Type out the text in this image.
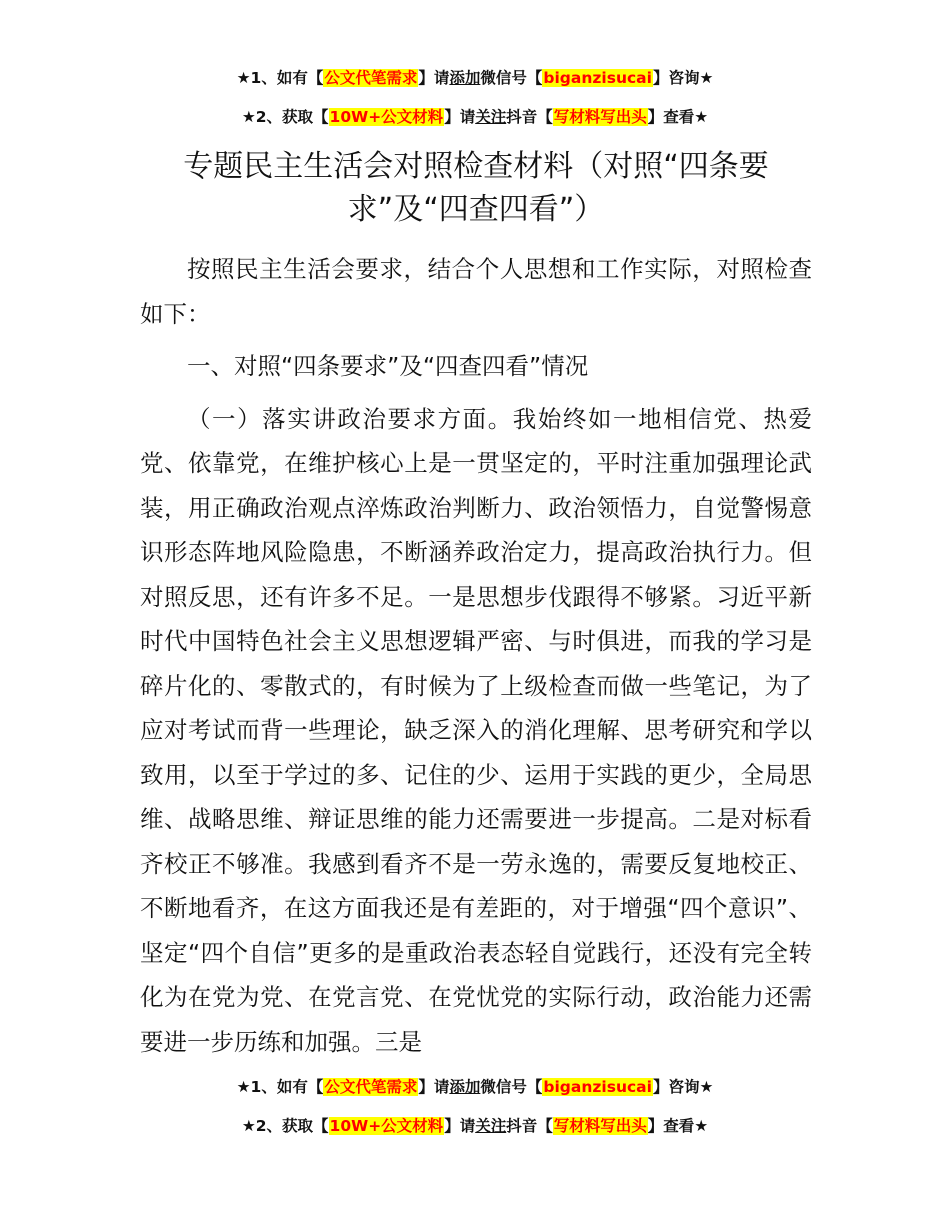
★1、如有【公文代笔需求】请添加微信号【biganzisucai】咨询★
★2、获取【10W+公文材料】请关注抖音【写材料写出头】查看★
专题民主生活会对照检查材料（对照“四条要求”及“四查四看”）

按照民主生活会要求，结合个人思想和工作实际，对照检查如下：

一、对照“四条要求”及“四查四看”情况

（一）落实讲政治要求方面。我始终如一地相信党、热爱党、依靠党，在维护核心上是一贯坚定的，平时注重加强理论武装，用正确政治观点淬炼政治判断力、政治领悟力，自觉警惕意识形态阵地风险隐患，不断涵养政治定力，提高政治执行力。但对照反思，还有许多不足。一是思想步伐跟得不够紧。习近平新时代中国特色社会主义思想逻辑严密、与时俱进，而我的学习是碎片化的、零散式的，有时候为了上级检查而做一些笔记，为了应对考试而背一些理论，缺乏深入的消化理解、思考研究和学以致用，以至于学过的多、记住的少、运用于实践的更少，全局思维、战略思维、辩证思维的能力还需要进一步提高。二是对标看齐校正不够准。我感到看齐不是一劳永逸的，需要反复地校正、不断地看齐，在这方面我还是有差距的，对于增强“四个意识”、坚定“四个自信”更多的是重政治表态轻自觉践行，还没有完全转化为在党为党、在党言党、在党忧党的实际行动，政治能力还需要进一步历练和加强。三是

★1、如有【公文代笔需求】请添加微信号【biganzisucai】咨询★
★2、获取【10W+公文材料】请关注抖音【写材料写出头】查看★
